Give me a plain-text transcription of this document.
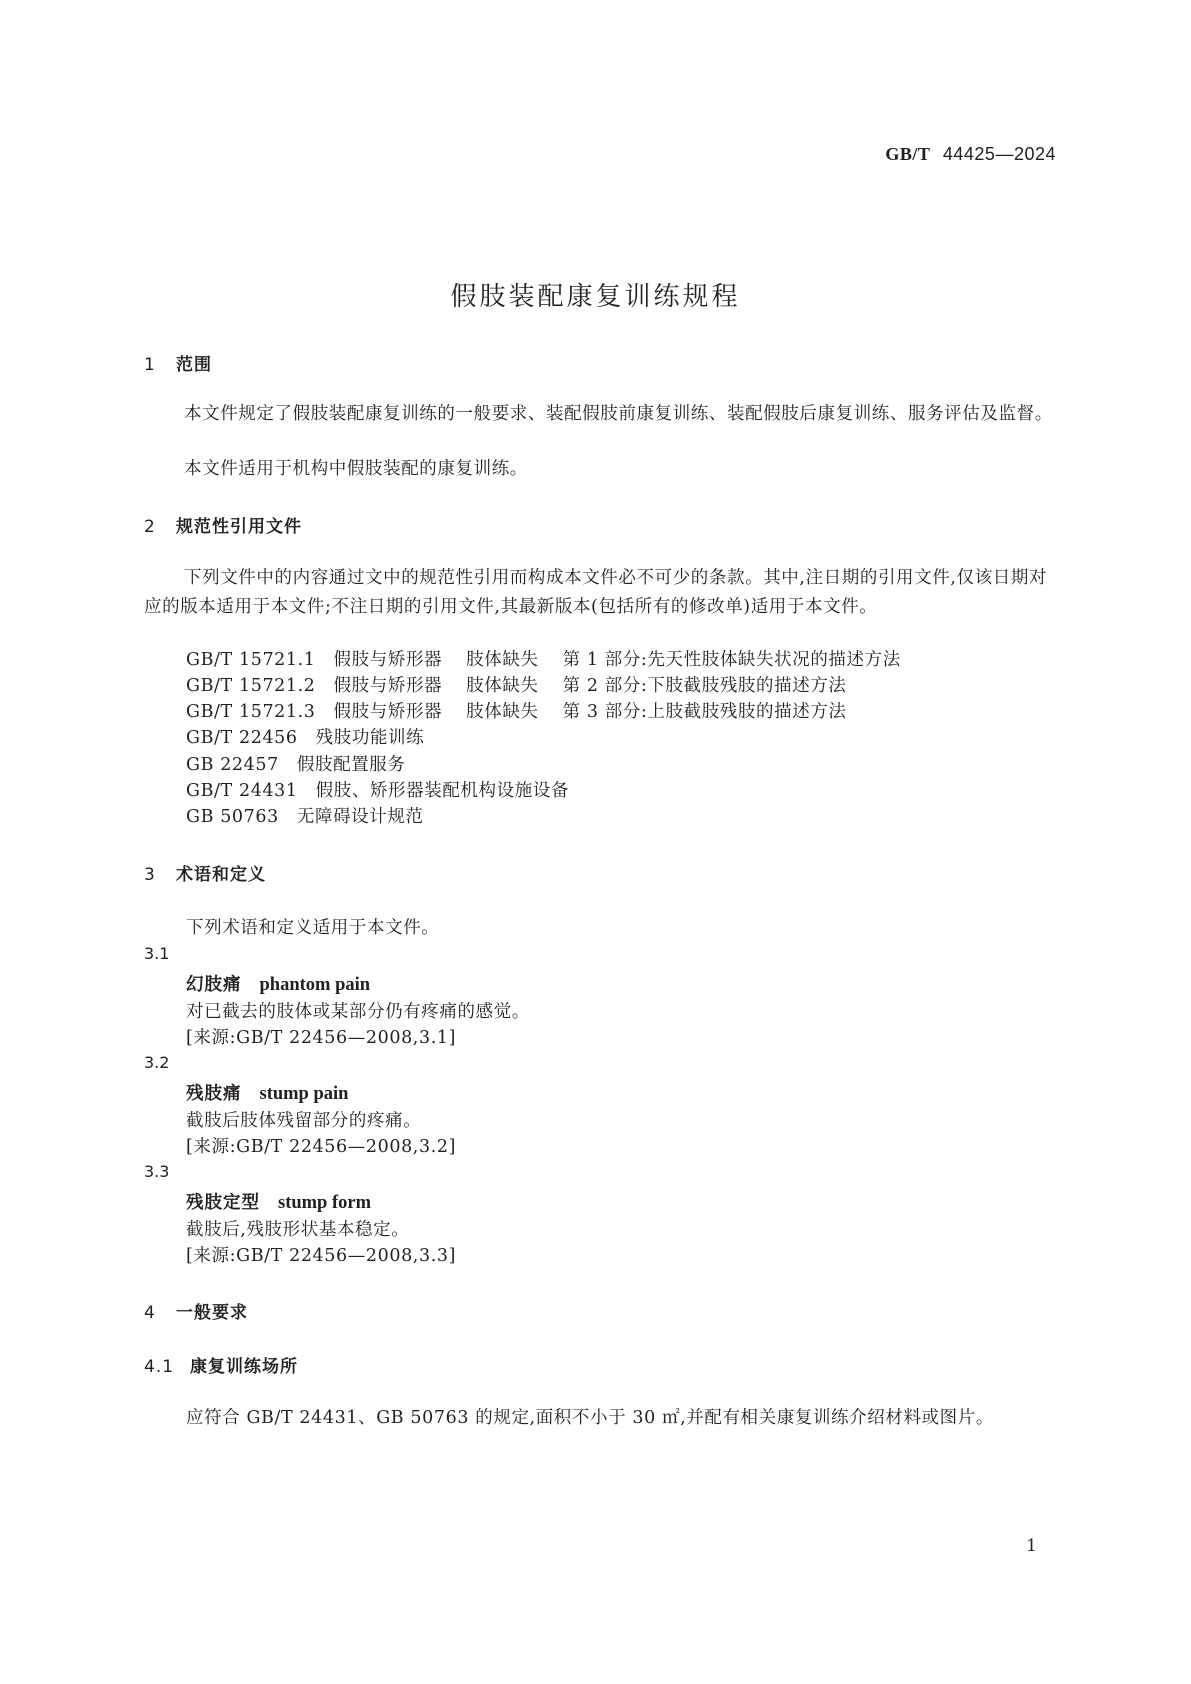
GB/T 44425—2024
假肢装配康复训练规程
1 范围
本文件规定了假肢装配康复训练的一般要求、装配假肢前康复训练、装配假肢后康复训练、服务评估及监督。
本文件适用于机构中假肢装配的康复训练。
2 规范性引用文件
下列文件中的内容通过文中的规范性引用而构成本文件必不可少的条款。其中,注日期的引用文件,仅该日期对应的版本适用于本文件;不注日期的引用文件,其最新版本(包括所有的修改单)适用于本文件。
GB/T 15721.1 假肢与矫形器 肢体缺失 第 1 部分:先天性肢体缺失状况的描述方法
GB/T 15721.2 假肢与矫形器 肢体缺失 第 2 部分:下肢截肢残肢的描述方法
GB/T 15721.3 假肢与矫形器 肢体缺失 第 3 部分:上肢截肢残肢的描述方法
GB/T 22456 残肢功能训练
GB 22457 假肢配置服务
GB/T 24431 假肢、矫形器装配机构设施设备
GB 50763 无障碍设计规范
3 术语和定义
下列术语和定义适用于本文件。
3.1
幻肢痛 phantom pain
对已截去的肢体或某部分仍有疼痛的感觉。
[来源:GB/T 22456—2008,3.1]
3.2
残肢痛 stump pain
截肢后肢体残留部分的疼痛。
[来源:GB/T 22456—2008,3.2]
3.3
残肢定型 stump form
截肢后,残肢形状基本稳定。
[来源:GB/T 22456—2008,3.3]
4 一般要求
4.1 康复训练场所
应符合 GB/T 24431、GB 50763 的规定,面积不小于 30 ㎡,并配有相关康复训练介绍材料或图片。
1
